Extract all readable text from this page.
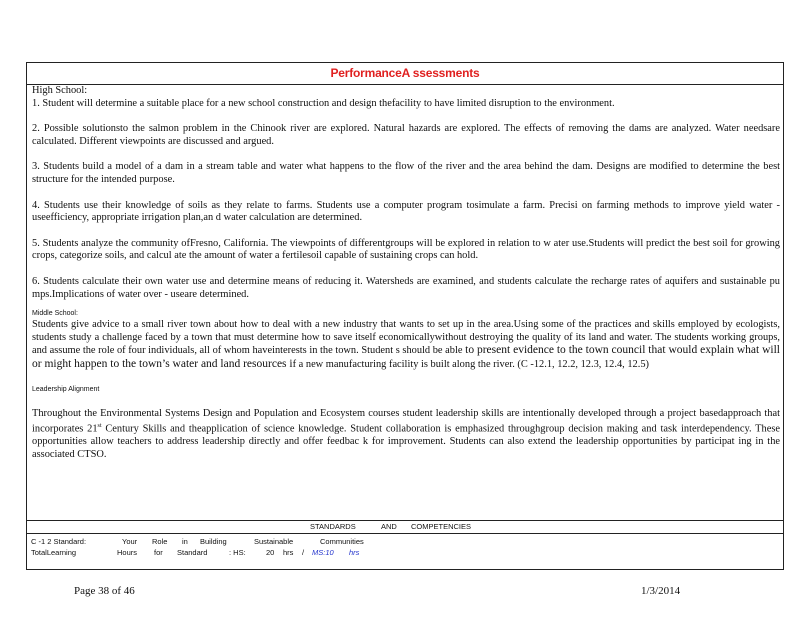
PerformanceA ssessments

High School:

1. Student will determine a suitable place for a new school construction and design thefacility to have limited disruption to the environment.

2. Possible solutionsto the salmon problem in the Chinook river are explored. Natural hazards are explored. The effects of removing the dams are analyzed. Water needsare calculated. Different viewpoints are discussed and argued.

3. Students build a model of a dam in a stream table and water what happens to the flow of the river and the area behind the dam. Designs are modified to determine the best structure for the intended purpose.

4. Students use their knowledge of soils as they relate to farms. Students use a computer program tosimulate a farm. Precisi on farming methods to improve yield water -useefficiency, appropriate irrigation plan,an d water calculation are determined.

5. Students analyze the community ofFresno, California. The viewpoints of differentgroups will be explored in relation to w ater use.Students will predict the best soil for growing crops, categorize soils, and calcul ate the amount of water a fertilesoil capable of sustaining crops can hold.

6. Students calculate their own water use and determine means of reducing it. Watersheds are examined, and students calculate the recharge rates of aquifers and sustainable pu mps.Implications of water over - useare determined.

Middle School:

Students give advice to a small river town about how to deal with a new industry that wants to set up in the area.Using some of the practices and skills employed by ecologists, students study a challenge faced by a town that must determine how to save itself economicallywithout destroying the quality of its land and water. The students working groups, and assume the role of four individuals, all of whom haveinterests in the town. Student s should be able to present evidence to the town council that would explain what will or might happen to the town’s water and land resources if a new manufacturing facility is built along the river. (C -12.1, 12.2, 12.3, 12.4, 12.5)

Leadership Alignment

Throughout the Environmental Systems Design and Population and Ecosystem courses student leadership skills are intentionally developed through a project basedapproach that incorporates 21st Century Skills and theapplication of science knowledge. Student collaboration is emphasized throughgroup decision making and task interdependency. These opportunities allow teachers to address leadership directly and offer feedbac k for improvement. Students can also extend the leadership opportunities by participat ing in the associated CTSO.

STANDARDS	AND COMPETENCIES
C -1 2 Standard:	Your Role in Building	Sustainable	Communities
TotalLearning	Hours for Standard	: HS:	20 hrs / MS:10 hrs
Page 38 of 46	1/3/2014
